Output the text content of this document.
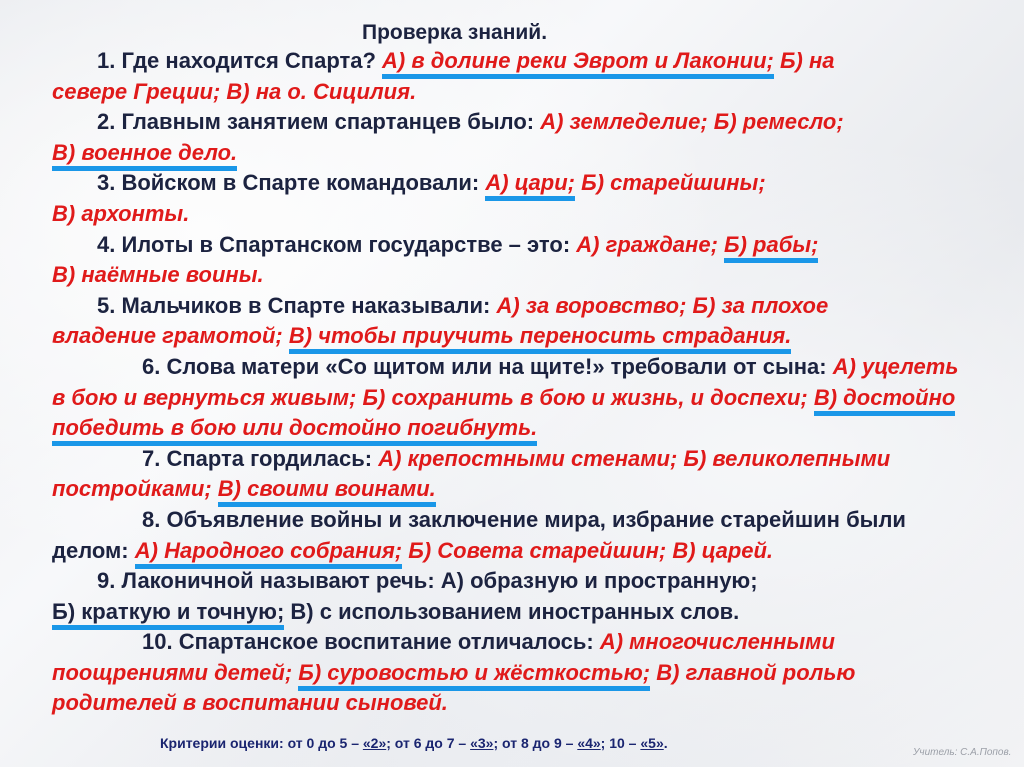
Проверка знаний.

1. Где находится Спарта? А) в долине реки Эврот и Лаконии; Б) на
севере Греции; В) на о. Сицилия.

2. Главным занятием спартанцев было: А) земледелие; Б) ремесло;
В) военное дело.

3. Войском в Спарте командовали: А) цари; Б) старейшины;
В) архонты.

4. Илоты в Спартанском государстве – это: А) граждане; Б) рабы;
В) наёмные воины.

5. Мальчиков в Спарте наказывали: А) за воровство; Б) за плохое
владение грамотой; В) чтобы приучить переносить страдания.

6. Слова матери «Со щитом или на щите!» требовали от сына: А) уцелеть в бою и вернуться живым; Б) сохранить в бою и жизнь, и доспехи; В) достойно победить в бою или достойно погибнуть.

7. Спарта гордилась: А) крепостными стенами; Б) великолепными постройками; В) своими воинами.

8. Объявление войны и заключение мира, избрание старейшин были делом: А) Народного собрания; Б) Совета старейшин; В) царей.

9. Лаконичной называют речь: А) образную и пространную;
Б) краткую и точную; В) с использованием иностранных слов.

10. Спартанское воспитание отличалось: А) многочисленными поощрениями детей; Б) суровостью и жёсткостью; В) главной ролью родителей в воспитании сыновей.

Критерии оценки: от 0 до 5 – «2»; от 6 до 7 – «3»; от 8 до 9 – «4»; 10 – «5».
Учитель: С.А.Попов.
